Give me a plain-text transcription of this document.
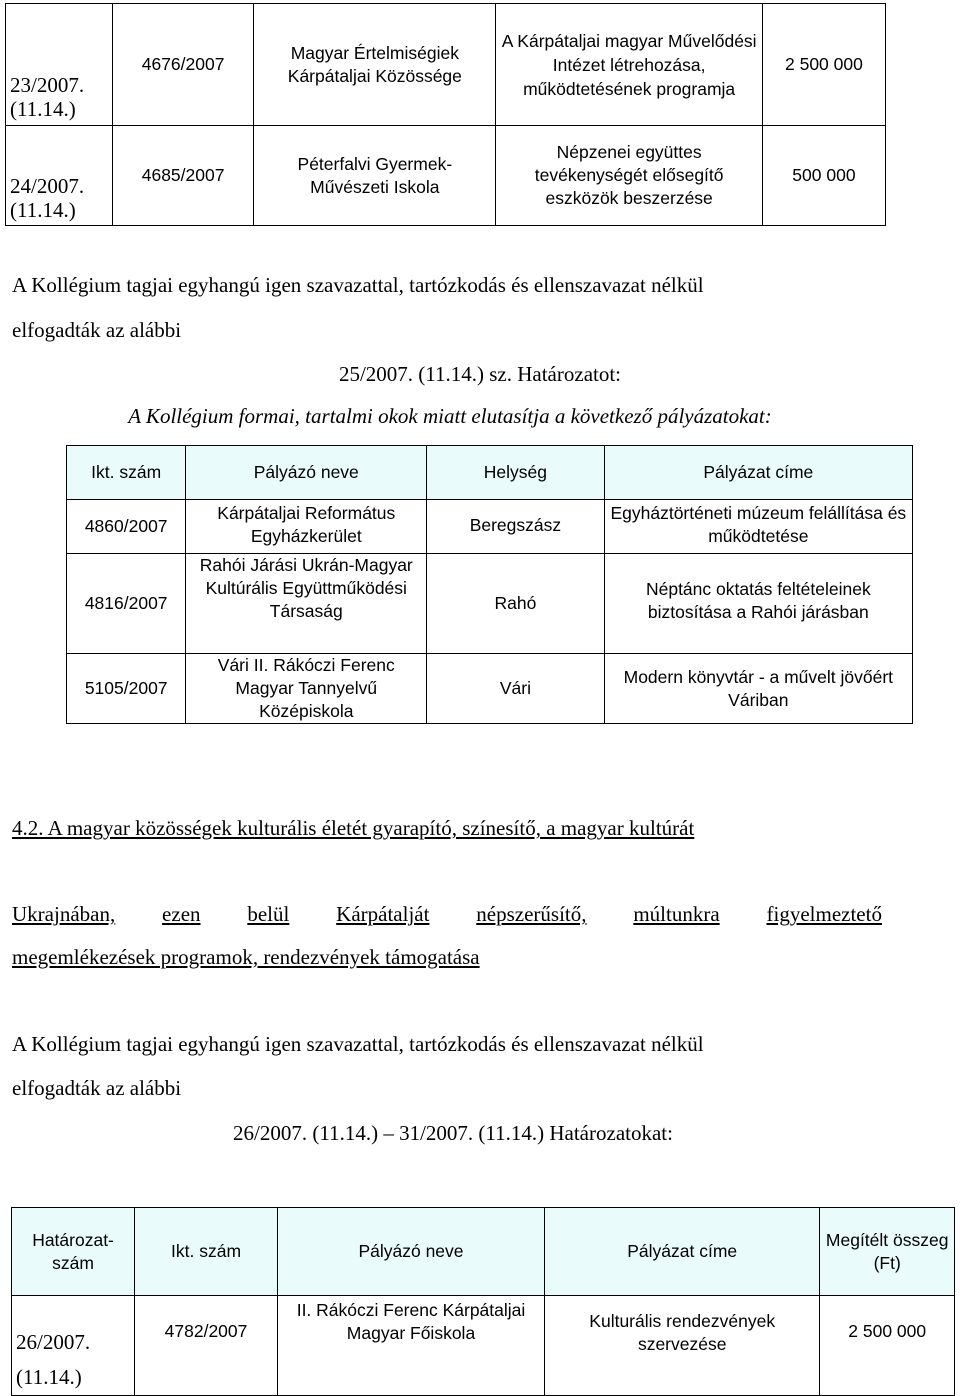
23/2007. (11.14.)	4676/2007	Magyar Értelmiségiek Kárpátaljai Közössége	A Kárpátaljai magyar Művelődési Intézet létrehozása, működtetésének programja	2 500 000
24/2007. (11.14.)	4685/2007	Péterfalvi Gyermek-Művészeti Iskola	Népzenei együttes tevékenységét elősegítő eszközök beszerzése	500 000

A Kollégium tagjai egyhangú igen szavazattal, tartózkodás és ellenszavazat nélkül

elfogadták az alábbi

25/2007. (11.14.) sz. Határozatot:

A Kollégium formai, tartalmi okok miatt elutasítja a következő pályázatokat:

Ikt. szám	Pályázó neve	Helység	Pályázat címe
4860/2007	Kárpátaljai Református Egyházkerület	Beregszász	Egyháztörténeti múzeum felállítása és működtetése
4816/2007	Rahói Járási Ukrán-Magyar Kultúrális Együttműködési Társaság	Rahó	Néptánc oktatás feltételeinek biztosítása a Rahói járásban
5105/2007	Vári II. Rákóczi Ferenc Magyar Tannyelvű Középiskola	Vári	Modern könyvtár - a művelt jövőért Váriban

4.2. A magyar közösségek kulturális életét gyarapító, színesítő, a magyar kultúrát

Ukrajnában, ezen belül Kárpátalját népszerűsítő, múltunkra figyelmeztető

megemlékezések programok, rendezvények támogatása

A Kollégium tagjai egyhangú igen szavazattal, tartózkodás és ellenszavazat nélkül

elfogadták az alábbi

26/2007. (11.14.) – 31/2007. (11.14.) Határozatokat:

Határozat-szám	Ikt. szám	Pályázó neve	Pályázat címe	Megítélt összeg (Ft)
26/2007. (11.14.)	4782/2007	II. Rákóczi Ferenc Kárpátaljai Magyar Főiskola	Kulturális rendezvények szervezése	2 500 000
